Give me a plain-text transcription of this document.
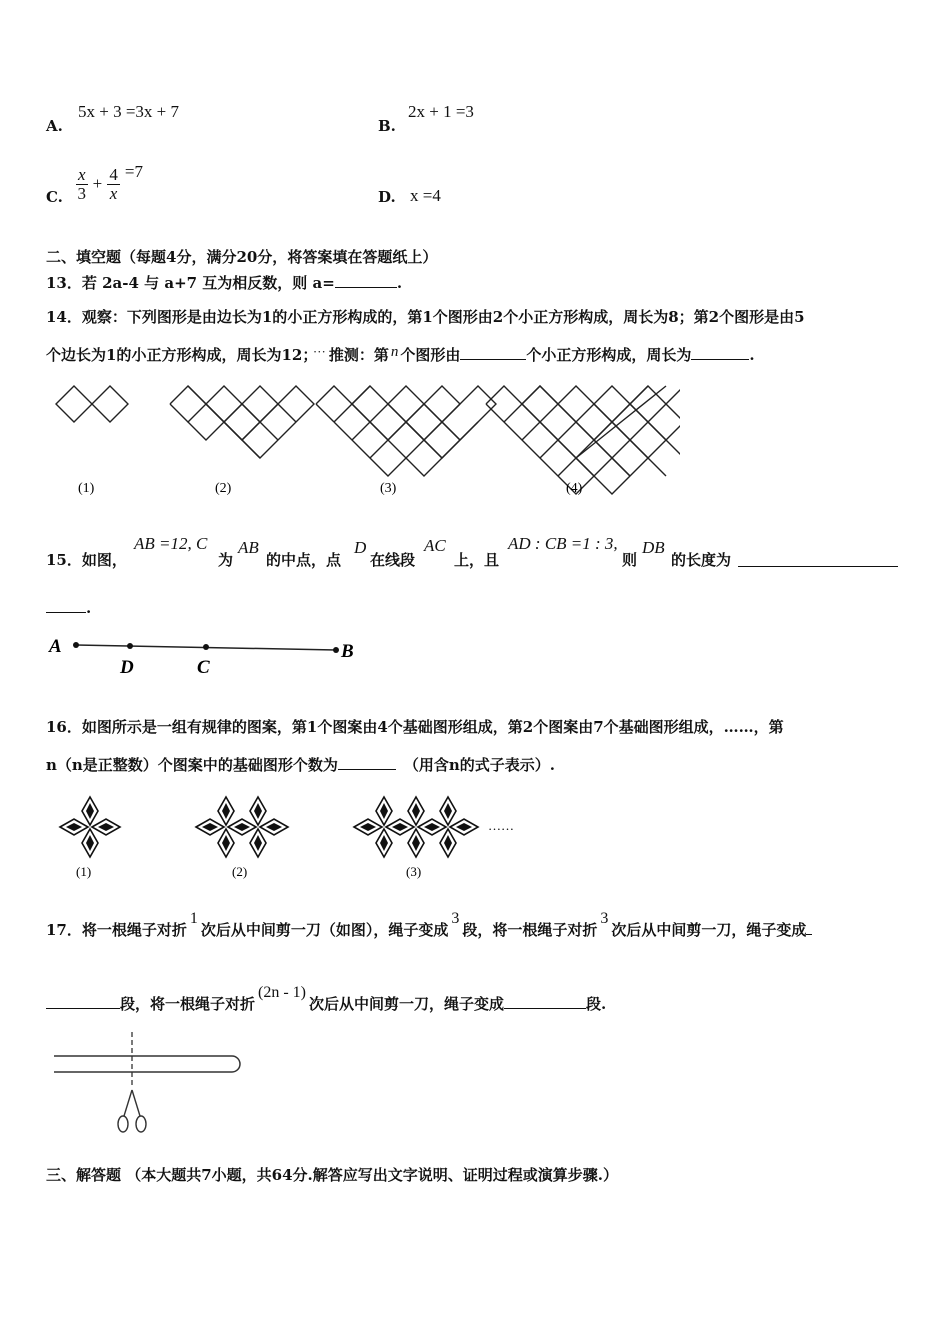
A.
5x + 3 =3x + 7
B.
2x + 1 =3
C. $\frac{x}{3} + \frac{4}{x} =7$
D. x =4
二、填空题（每题4分，满分20分，将答案填在答题纸上）
13．若 2a-4 与 a+7 互为相反数，则 a=	.
14．观察：下列图形是由边长为1的小正方形构成的，第1个图形由2个小正方形构成，周长为8；第2个图形是由5
个边长为1的小正方形构成，周长为12； ··· 推测：第 n 个图形由	个小正方形构成，周长为	.
(1)	(2)	(3)	(4)
15．如图，
AB =12, C
为
AB
的中点，点
D
在线段
AC
上，且
AD : CB =1 : 3,
则
DB
的长度为
.
A
D	C
B
16．如图所示是一组有规律的图案，第1个图案由4个基础图形组成，第2个图案由7个基础图形组成，……，第
n（n是正整数）个图案中的基础图形个数为	（用含n的式子表示）.
……
(1)	(2)	(3)
17．将一根绳子对折1次后从中间剪一刀（如图），绳子变成3段，将一根绳子对折3次后从中间剪一刀，绳子变成
段，将一根绳子对折(2n - 1)次后从中间剪一刀，绳子变成	段.
三、解答题 （本大题共7小题，共64分.解答应写出文字说明、证明过程或演算步骤.）
